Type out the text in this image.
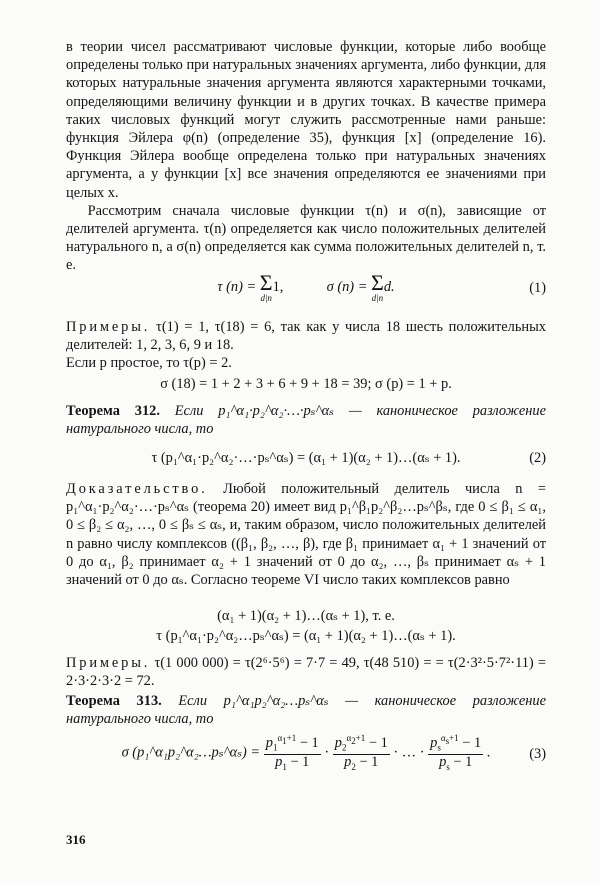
в теории чисел рассматривают числовые функции, которые либо вообще определены только при натуральных значениях аргумента, либо функции, для которых натуральные значения аргумента являются характерными точками, определяющими величину функции и в других точках. В качестве примера таких числовых функций могут служить рассмотренные нами раньше: функция Эйлера φ(n) (определение 35), функция [x] (определение 16). Функция Эйлера вообще определена только при натуральных значениях аргумента, а у функции [x] все значения определяются ее значениями при целых x.

Рассмотрим сначала числовые функции τ(n) и σ(n), зависящие от делителей аргумента. τ(n) определяется как число положительных делителей натурального n, а σ(n) определяется как сумма положительных делителей n, т. е.

τ (n) = Σ
d|n
1,	σ (n) = Σ
d|n
d.	(1)

Примеры. τ(1) = 1, τ(18) = 6, так как у числа 18 шесть положительных делителей: 1, 2, 3, 6, 9 и 18.

Если p простое, то τ(p) = 2.

σ (18) = 1 + 2 + 3 + 6 + 9 + 18 = 39; σ (p) = 1 + p.

Теорема 312. Если p₁^α₁·p₂^α₂·…·pₛ^αₛ — каноническое разложение натурального числа, то

τ (p₁^α₁·p₂^α₂·…·pₛ^αₛ) = (α₁ + 1)(α₂ + 1)…(αₛ + 1).	(2)

Доказательство. Любой положительный делитель числа n = p₁^α₁·p₂^α₂·…·pₛ^αₛ (теорема 20) имеет вид p₁^β₁p₂^β₂…pₛ^βₛ, где 0 ≤ β₁ ≤ α₁, 0 ≤ β₂ ≤ α₂, …, 0 ≤ βₛ ≤ αₛ, и, таким образом, число положительных делителей n равно числу комплексов ((β₁, β₂, …, β), где β₁ принимает α₁ + 1 значений от 0 до α₁, β₂ принимает α₂ + 1 значений от 0 до α₂, …, βₛ принимает αₛ + 1 значений от 0 до αₛ. Согласно теореме VI число таких комплексов равно

(α₁ + 1)(α₂ + 1)…(αₛ + 1), т. е.
τ (p₁^α₁·p₂^α₂…pₛ^αₛ) = (α₁ + 1)(α₂ + 1)…(αₛ + 1).

Примеры. τ(1 000 000) = τ(2⁶·5⁶) = 7·7 = 49, τ(48 510) = = τ(2·3²·5·7²·11) = 2·3·2·3·2 = 72.

Теорема 313. Если p₁^α₁p₂^α₂…pₛ^αₛ — каноническое разложение натурального числа, то

σ (p₁^α₁p₂^α₂…pₛ^αₛ) = $\frac{p_1^{\alpha_1+1} - 1}{p_1 - 1} \cdot \frac{p_2^{\alpha_2+1} - 1}{p_2 - 1}$ · … · $\frac{p_s^{\alpha_s+1} - 1}{p_s - 1}$ .	(3)
316
